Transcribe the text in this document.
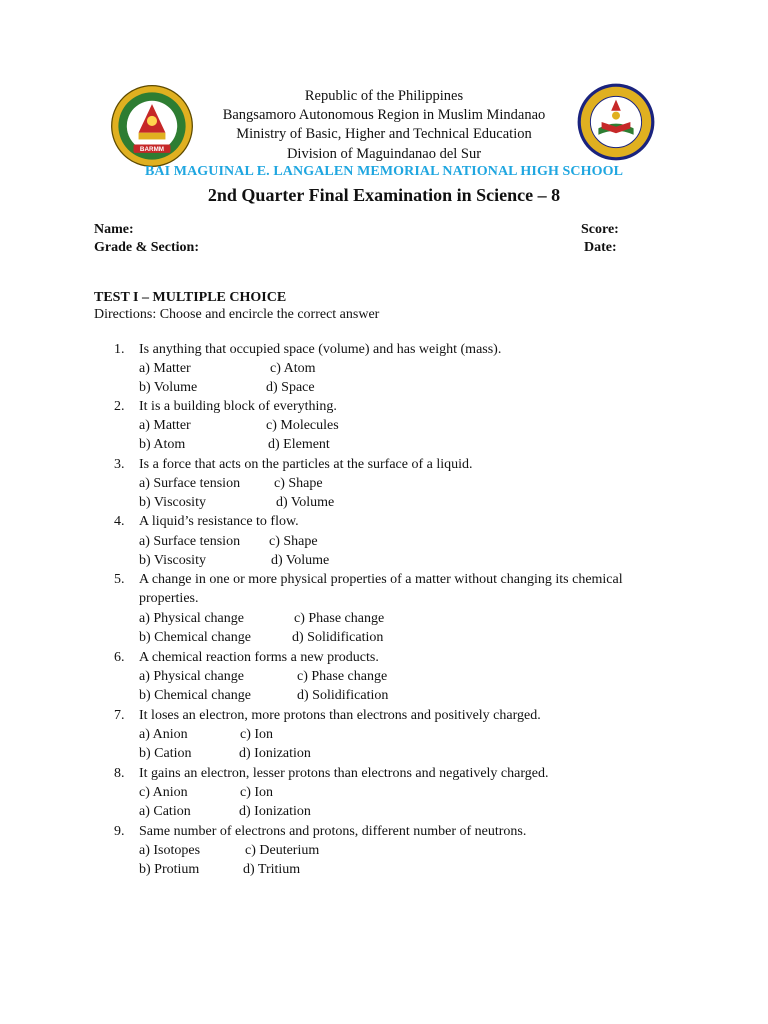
BARMM
Republic of the Philippines
Bangsamoro Autonomous Region in Muslim Mindanao
Ministry of Basic, Higher and Technical Education
Division of Maguindanao del Sur
BAI MAGUINAL E. LANGALEN MEMORIAL NATIONAL HIGH SCHOOL
2nd Quarter Final Examination in Science – 8
Name:	Score:
Grade & Section:	Date:
TEST I – MULTIPLE CHOICE
Directions: Choose and encircle the correct answer
1.	Is anything that occupied space (volume) and has weight (mass).
a) Matter	c) Atom
b) Volume	d) Space
2.	It is a building block of everything.
a) Matter	c) Molecules
b) Atom	d) Element
3.	Is a force that acts on the particles at the surface of a liquid.
a) Surface tension c) Shape
b) Viscosity	d) Volume
4.	A liquid’s resistance to flow.
a) Surface tension c) Shape
b) Viscosity	d) Volume
5.	A change in one or more physical properties of a matter without changing its chemical
properties.
a) Physical change	c) Phase change
b) Chemical change	d) Solidification
6.	A chemical reaction forms a new products.
a) Physical change	c) Phase change
b) Chemical change	d) Solidification
7.	It loses an electron, more protons than electrons and positively charged.
a) Anion	c) Ion
b) Cation	d) Ionization
8.	It gains an electron, lesser protons than electrons and negatively charged.
c) Anion	c) Ion
a) Cation	d) Ionization
9.	Same number of electrons and protons, different number of neutrons.
a) Isotopes	c) Deuterium
b) Protium	d) Tritium
